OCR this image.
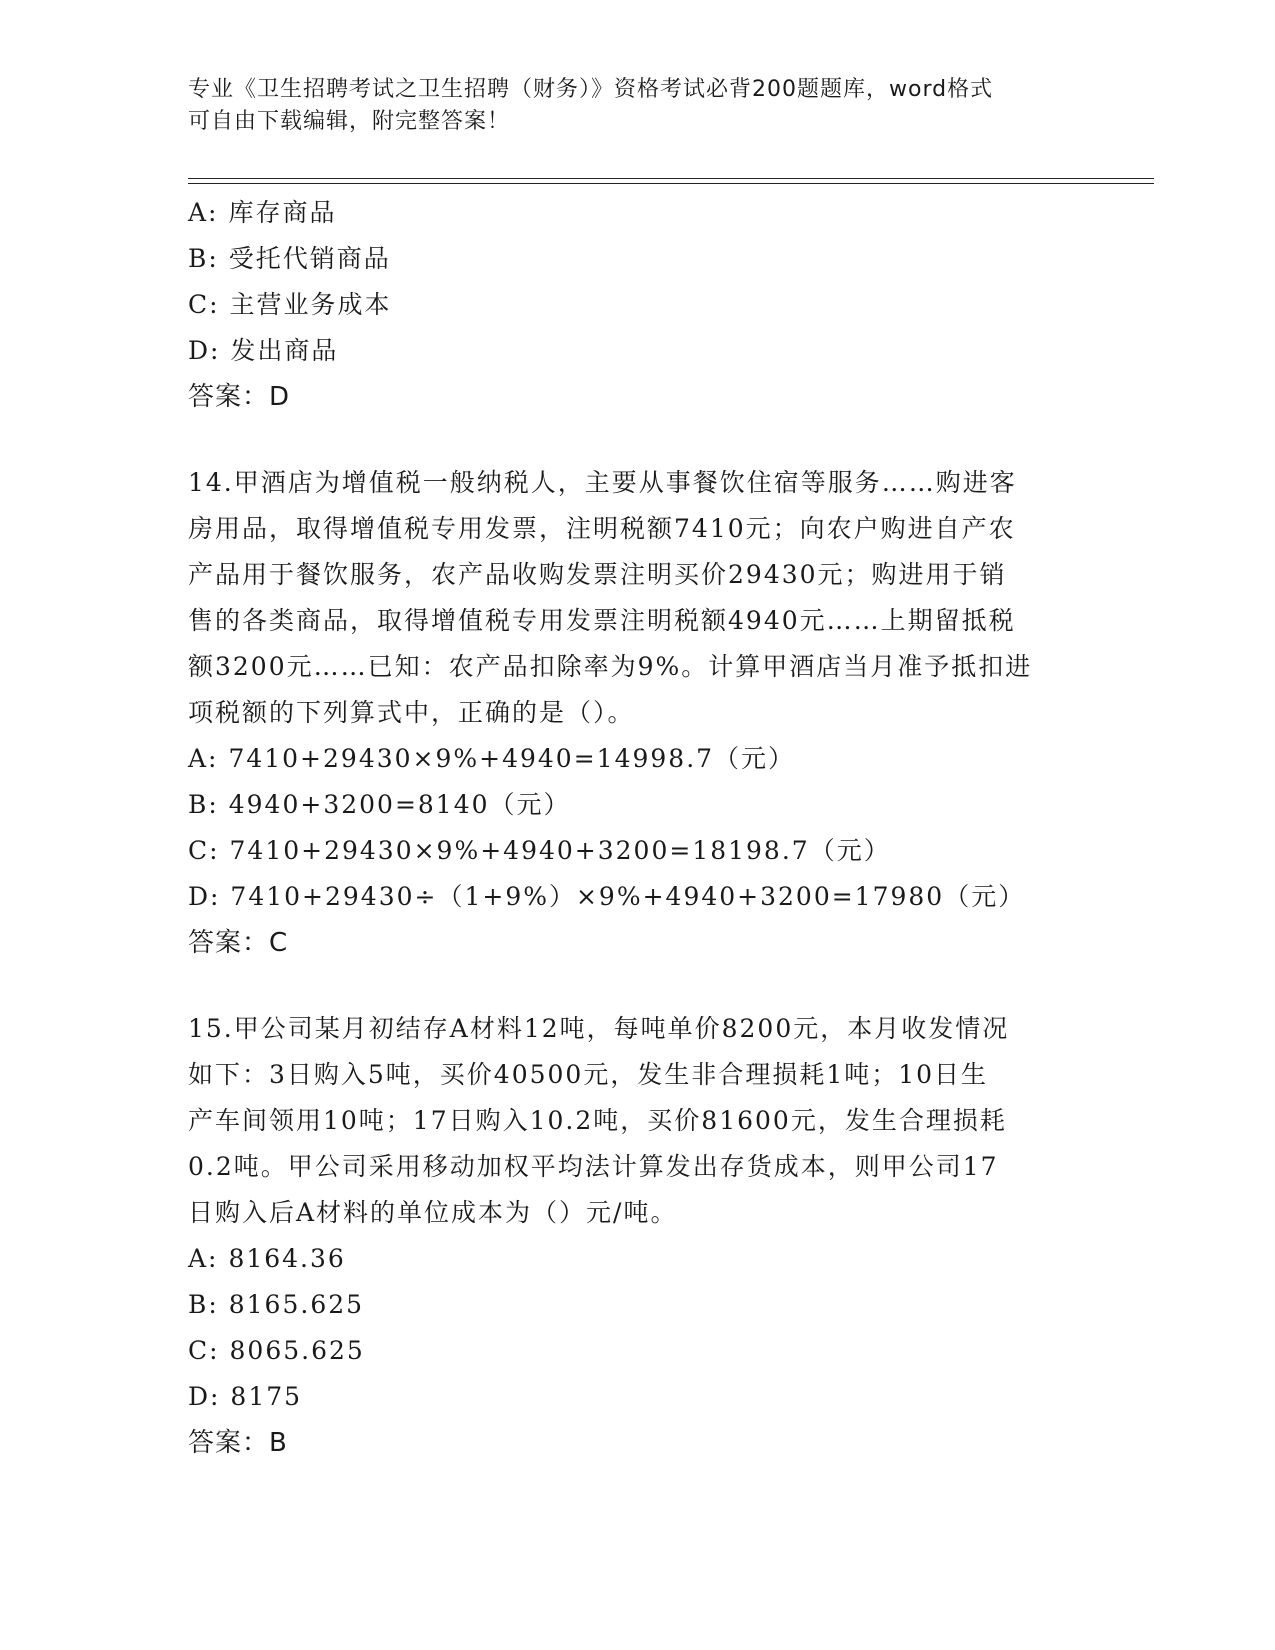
专业《卫生招聘考试之卫生招聘（财务）》资格考试必背200题题库，word格式
可自由下载编辑，附完整答案！
A: 库存商品
B: 受托代销商品
C: 主营业务成本
D: 发出商品
答案：D
14.甲酒店为增值税一般纳税人，主要从事餐饮住宿等服务……购进客
房用品，取得增值税专用发票，注明税额7410元；向农户购进自产农
产品用于餐饮服务，农产品收购发票注明买价29430元；购进用于销
售的各类商品，取得增值税专用发票注明税额4940元……上期留抵税
额3200元……已知：农产品扣除率为9%。计算甲酒店当月准予抵扣进
项税额的下列算式中，正确的是（）。
A: 7410+29430×9%+4940=14998.7（元）
B: 4940+3200=8140（元）
C: 7410+29430×9%+4940+3200=18198.7（元）
D: 7410+29430÷（1+9%）×9%+4940+3200=17980（元）
答案：C
15.甲公司某月初结存A材料12吨，每吨单价8200元，本月收发情况
如下：3日购入5吨，买价40500元，发生非合理损耗1吨；10日生
产车间领用10吨；17日购入10.2吨，买价81600元，发生合理损耗
0.2吨。甲公司采用移动加权平均法计算发出存货成本，则甲公司17
日购入后A材料的单位成本为（）元/吨。
A: 8164.36
B: 8165.625
C: 8065.625
D: 8175
答案：B
